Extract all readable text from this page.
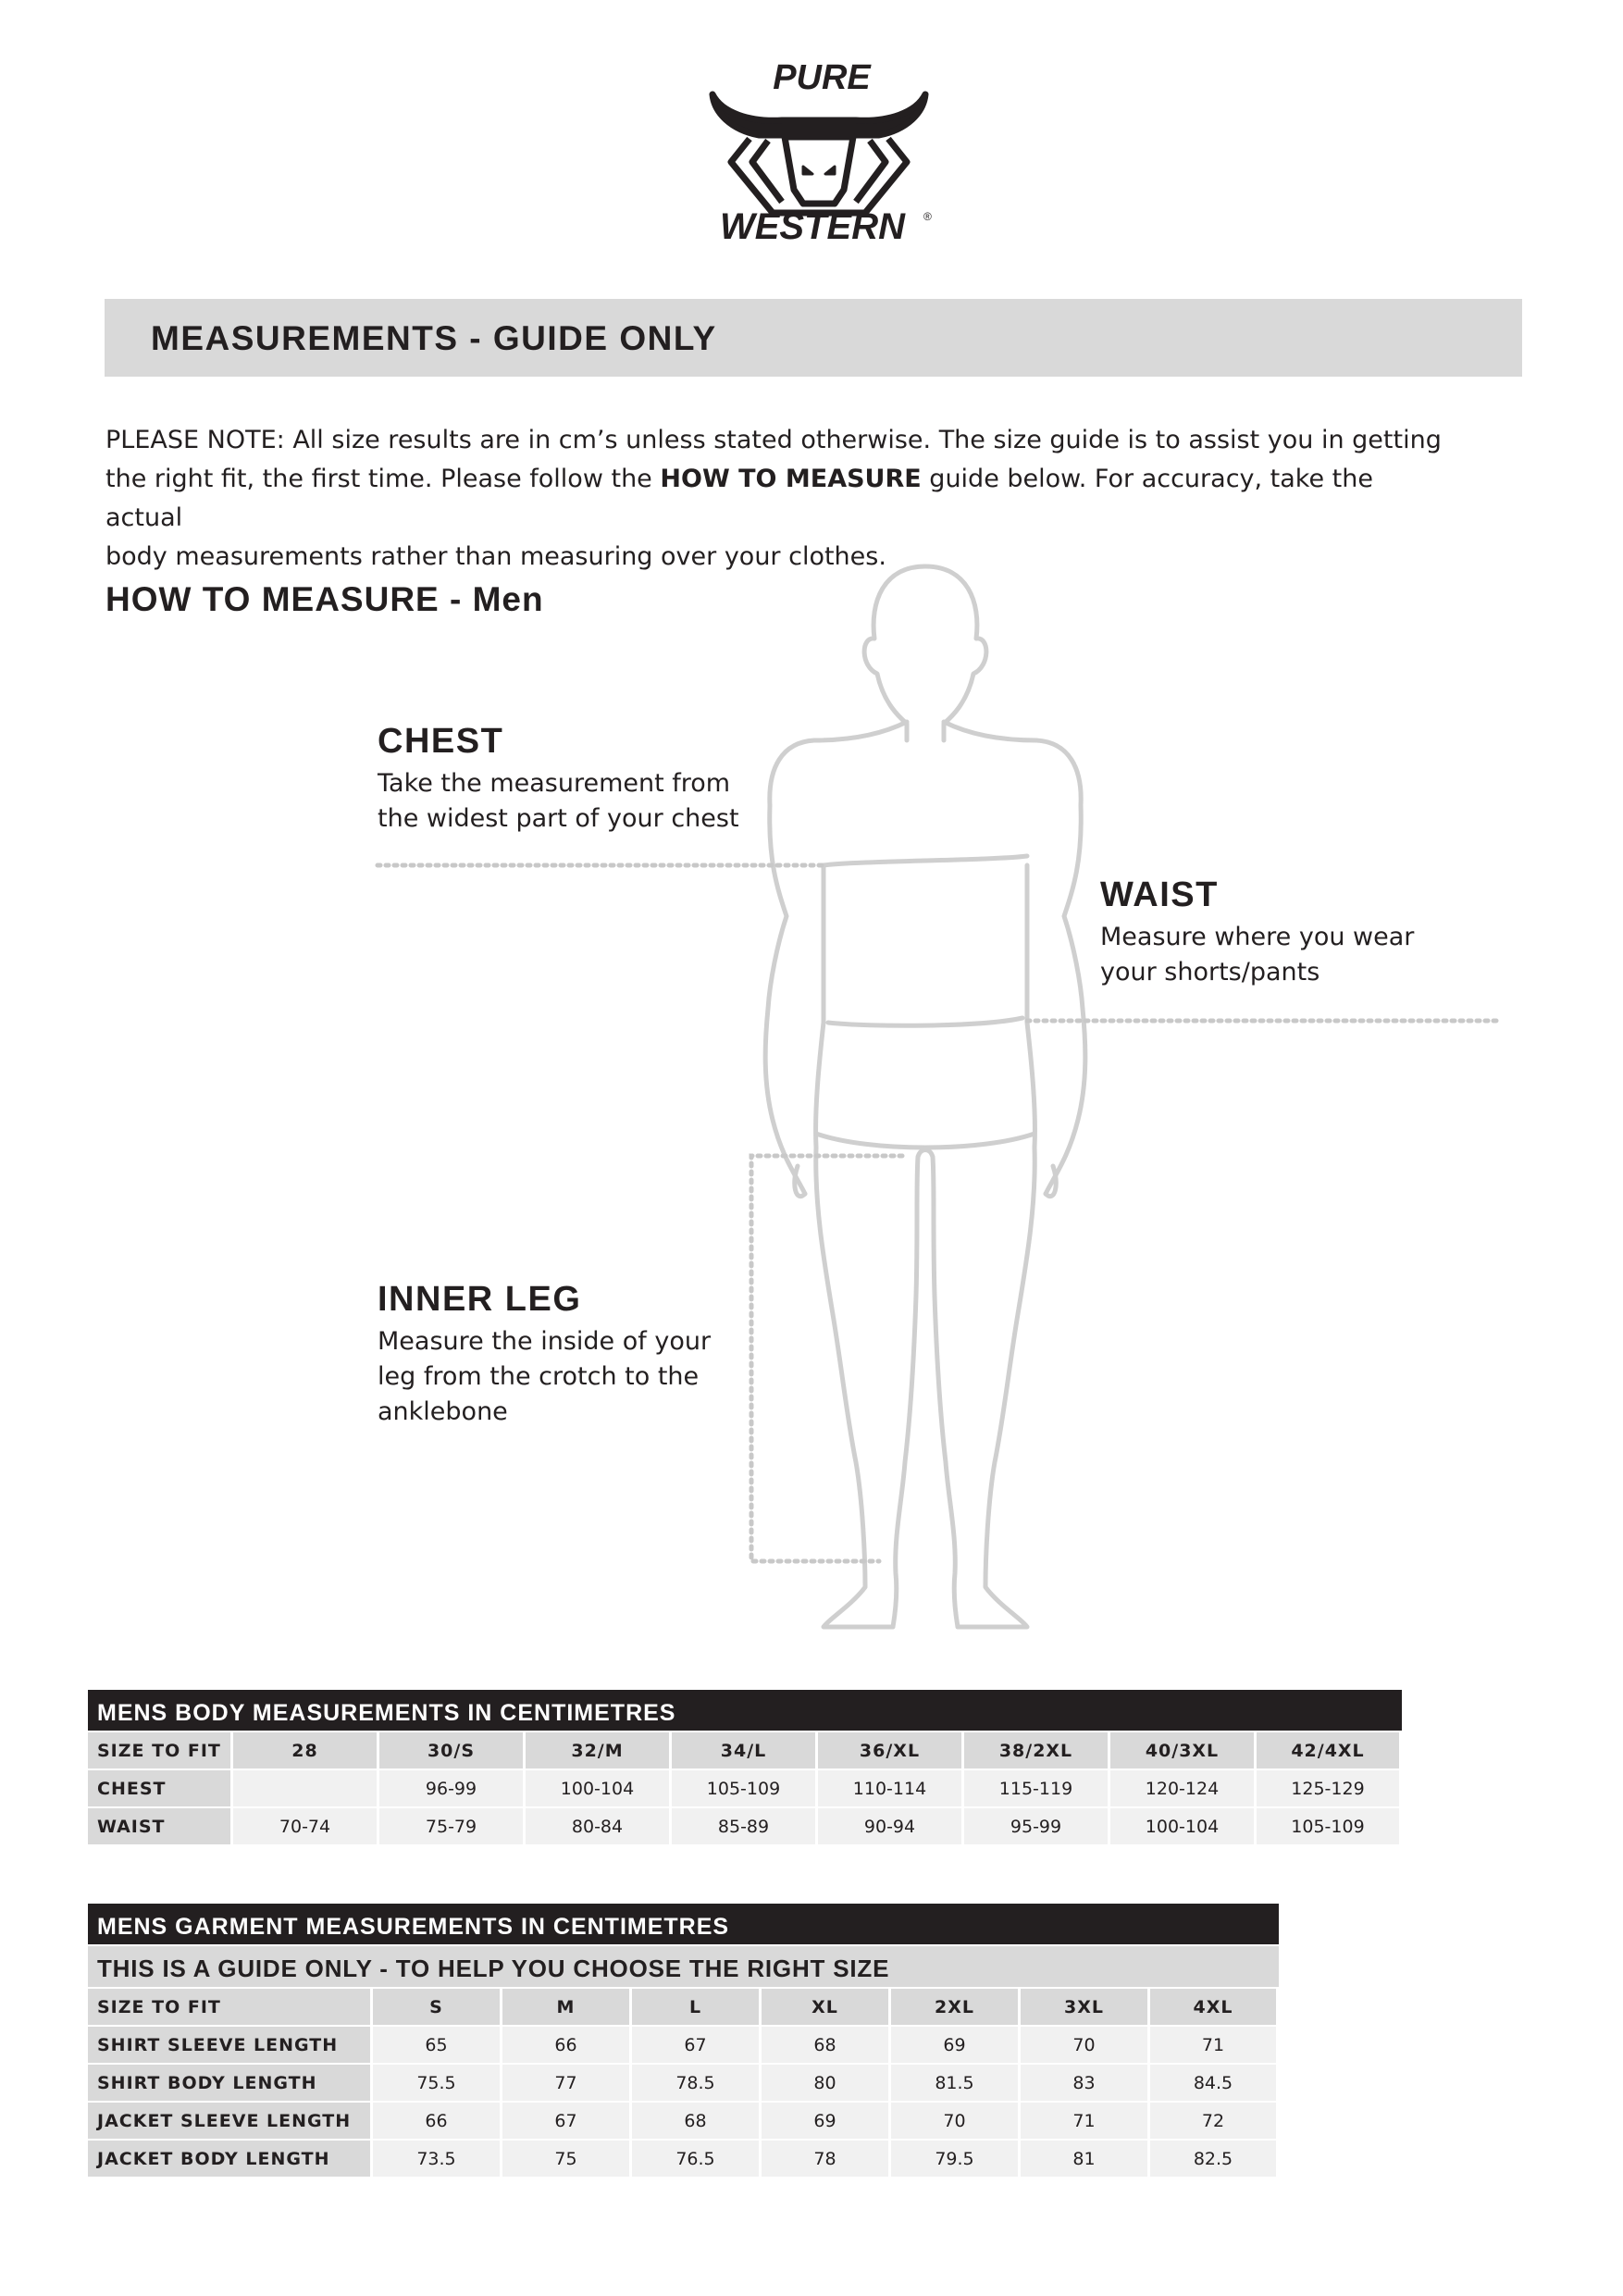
PURE
WESTERN ®
MEASUREMENTS - GUIDE ONLY

PLEASE NOTE: All size results are in cm’s unless stated otherwise. The size guide is to assist you in getting

the right fit, the first time. Please follow the HOW TO MEASURE guide below. For accuracy, take the actual

body measurements rather than measuring over your clothes.

HOW TO MEASURE - Men
CHEST

Take the measurement from
the widest part of your chest

WAIST

Measure where you wear
your shorts/pants

INNER LEG

Measure the inside of your
leg from the crotch to the
anklebone

MENS BODY MEASUREMENTS IN CENTIMETRES								
SIZE TO FIT	28	30/S	32/M	34/L	36/XL	38/2XL	40/3XL	42/4XL
CHEST		96-99	100-104	105-109	110-114	115-119	120-124	125-129
WAIST	70-74	75-79	80-84	85-89	90-94	95-99	100-104	105-109
MENS GARMENT MEASUREMENTS IN CENTIMETRES							
THIS IS A GUIDE ONLY - TO HELP YOU CHOOSE THE RIGHT SIZE							
SIZE TO FIT	S	M	L	XL	2XL	3XL	4XL
SHIRT SLEEVE LENGTH	65	66	67	68	69	70	71
SHIRT BODY LENGTH	75.5	77	78.5	80	81.5	83	84.5
JACKET SLEEVE LENGTH	66	67	68	69	70	71	72
JACKET BODY LENGTH	73.5	75	76.5	78	79.5	81	82.5
